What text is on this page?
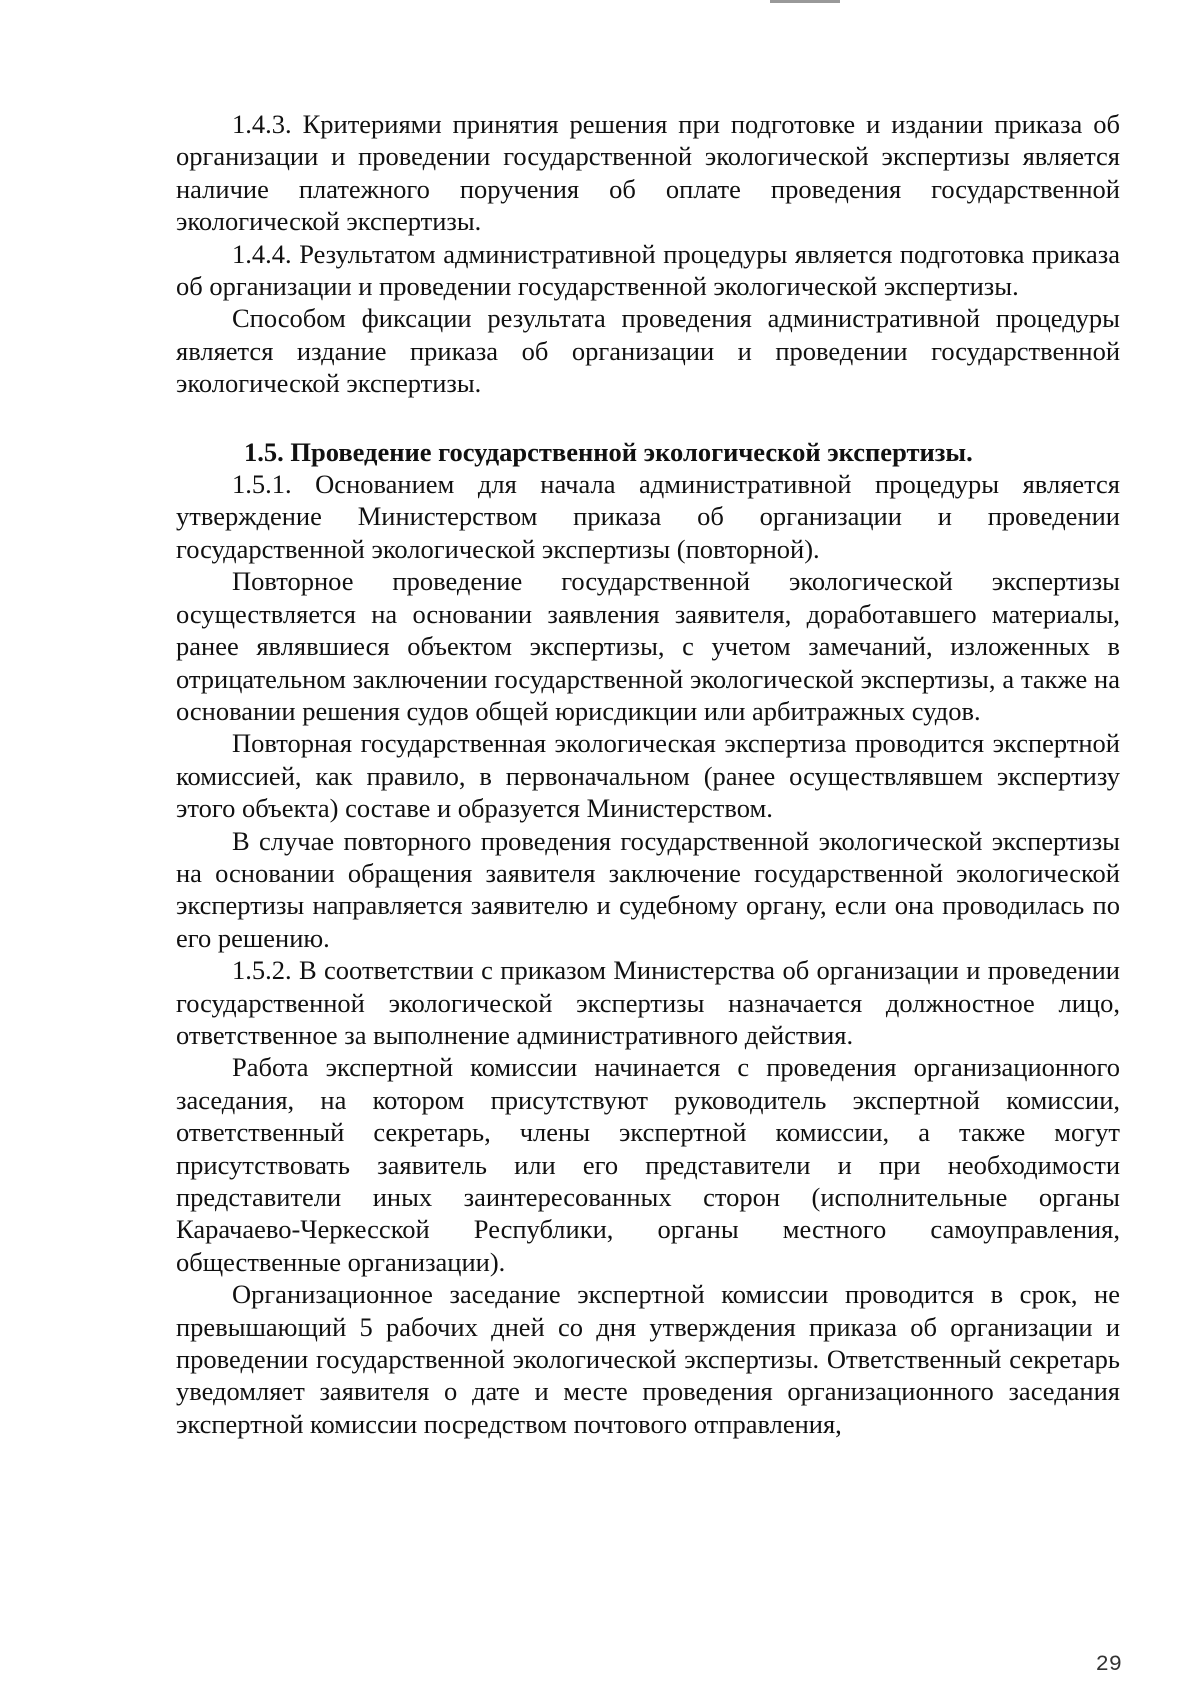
1.4.3. Критериями принятия решения при подготовке и издании приказа об организации и проведении государственной экологической экспертизы является наличие платежного поручения об оплате проведения государственной экологической экспертизы.

1.4.4. Результатом административной процедуры является подготовка приказа об организации и проведении государственной экологической экспертизы.

Способом фиксации результата проведения административной процедуры является издание приказа об организации и проведении государственной экологической экспертизы.

1.5. Проведение государственной экологической экспертизы.

1.5.1. Основанием для начала административной процедуры является утверждение Министерством приказа об организации и проведении государственной экологической экспертизы (повторной).

Повторное проведение государственной экологической экспертизы осуществляется на основании заявления заявителя, доработавшего материалы, ранее являвшиеся объектом экспертизы, с учетом замечаний, изложенных в отрицательном заключении государственной экологической экспертизы, а также на основании решения судов общей юрисдикции или арбитражных судов.

Повторная государственная экологическая экспертиза проводится экспертной комиссией, как правило, в первоначальном (ранее осуществлявшем экспертизу этого объекта) составе и образуется Министерством.

В случае повторного проведения государственной экологической экспертизы на основании обращения заявителя заключение государственной экологической экспертизы направляется заявителю и судебному органу, если она проводилась по его решению.

1.5.2. В соответствии с приказом Министерства об организации и проведении государственной экологической экспертизы назначается должностное лицо, ответственное за выполнение административного действия.

Работа экспертной комиссии начинается с проведения организационного заседания, на котором присутствуют руководитель экспертной комиссии, ответственный секретарь, члены экспертной комиссии, а также могут присутствовать заявитель или его представители и при необходимости представители иных заинтересованных сторон (исполнительные органы Карачаево-Черкесской Республики, органы местного самоуправления, общественные организации).

Организационное заседание экспертной комиссии проводится в срок, не превышающий 5 рабочих дней со дня утверждения приказа об организации и проведении государственной экологической экспертизы. Ответственный секретарь уведомляет заявителя о дате и месте проведения организационного заседания экспертной комиссии посредством почтового отправления,

29
